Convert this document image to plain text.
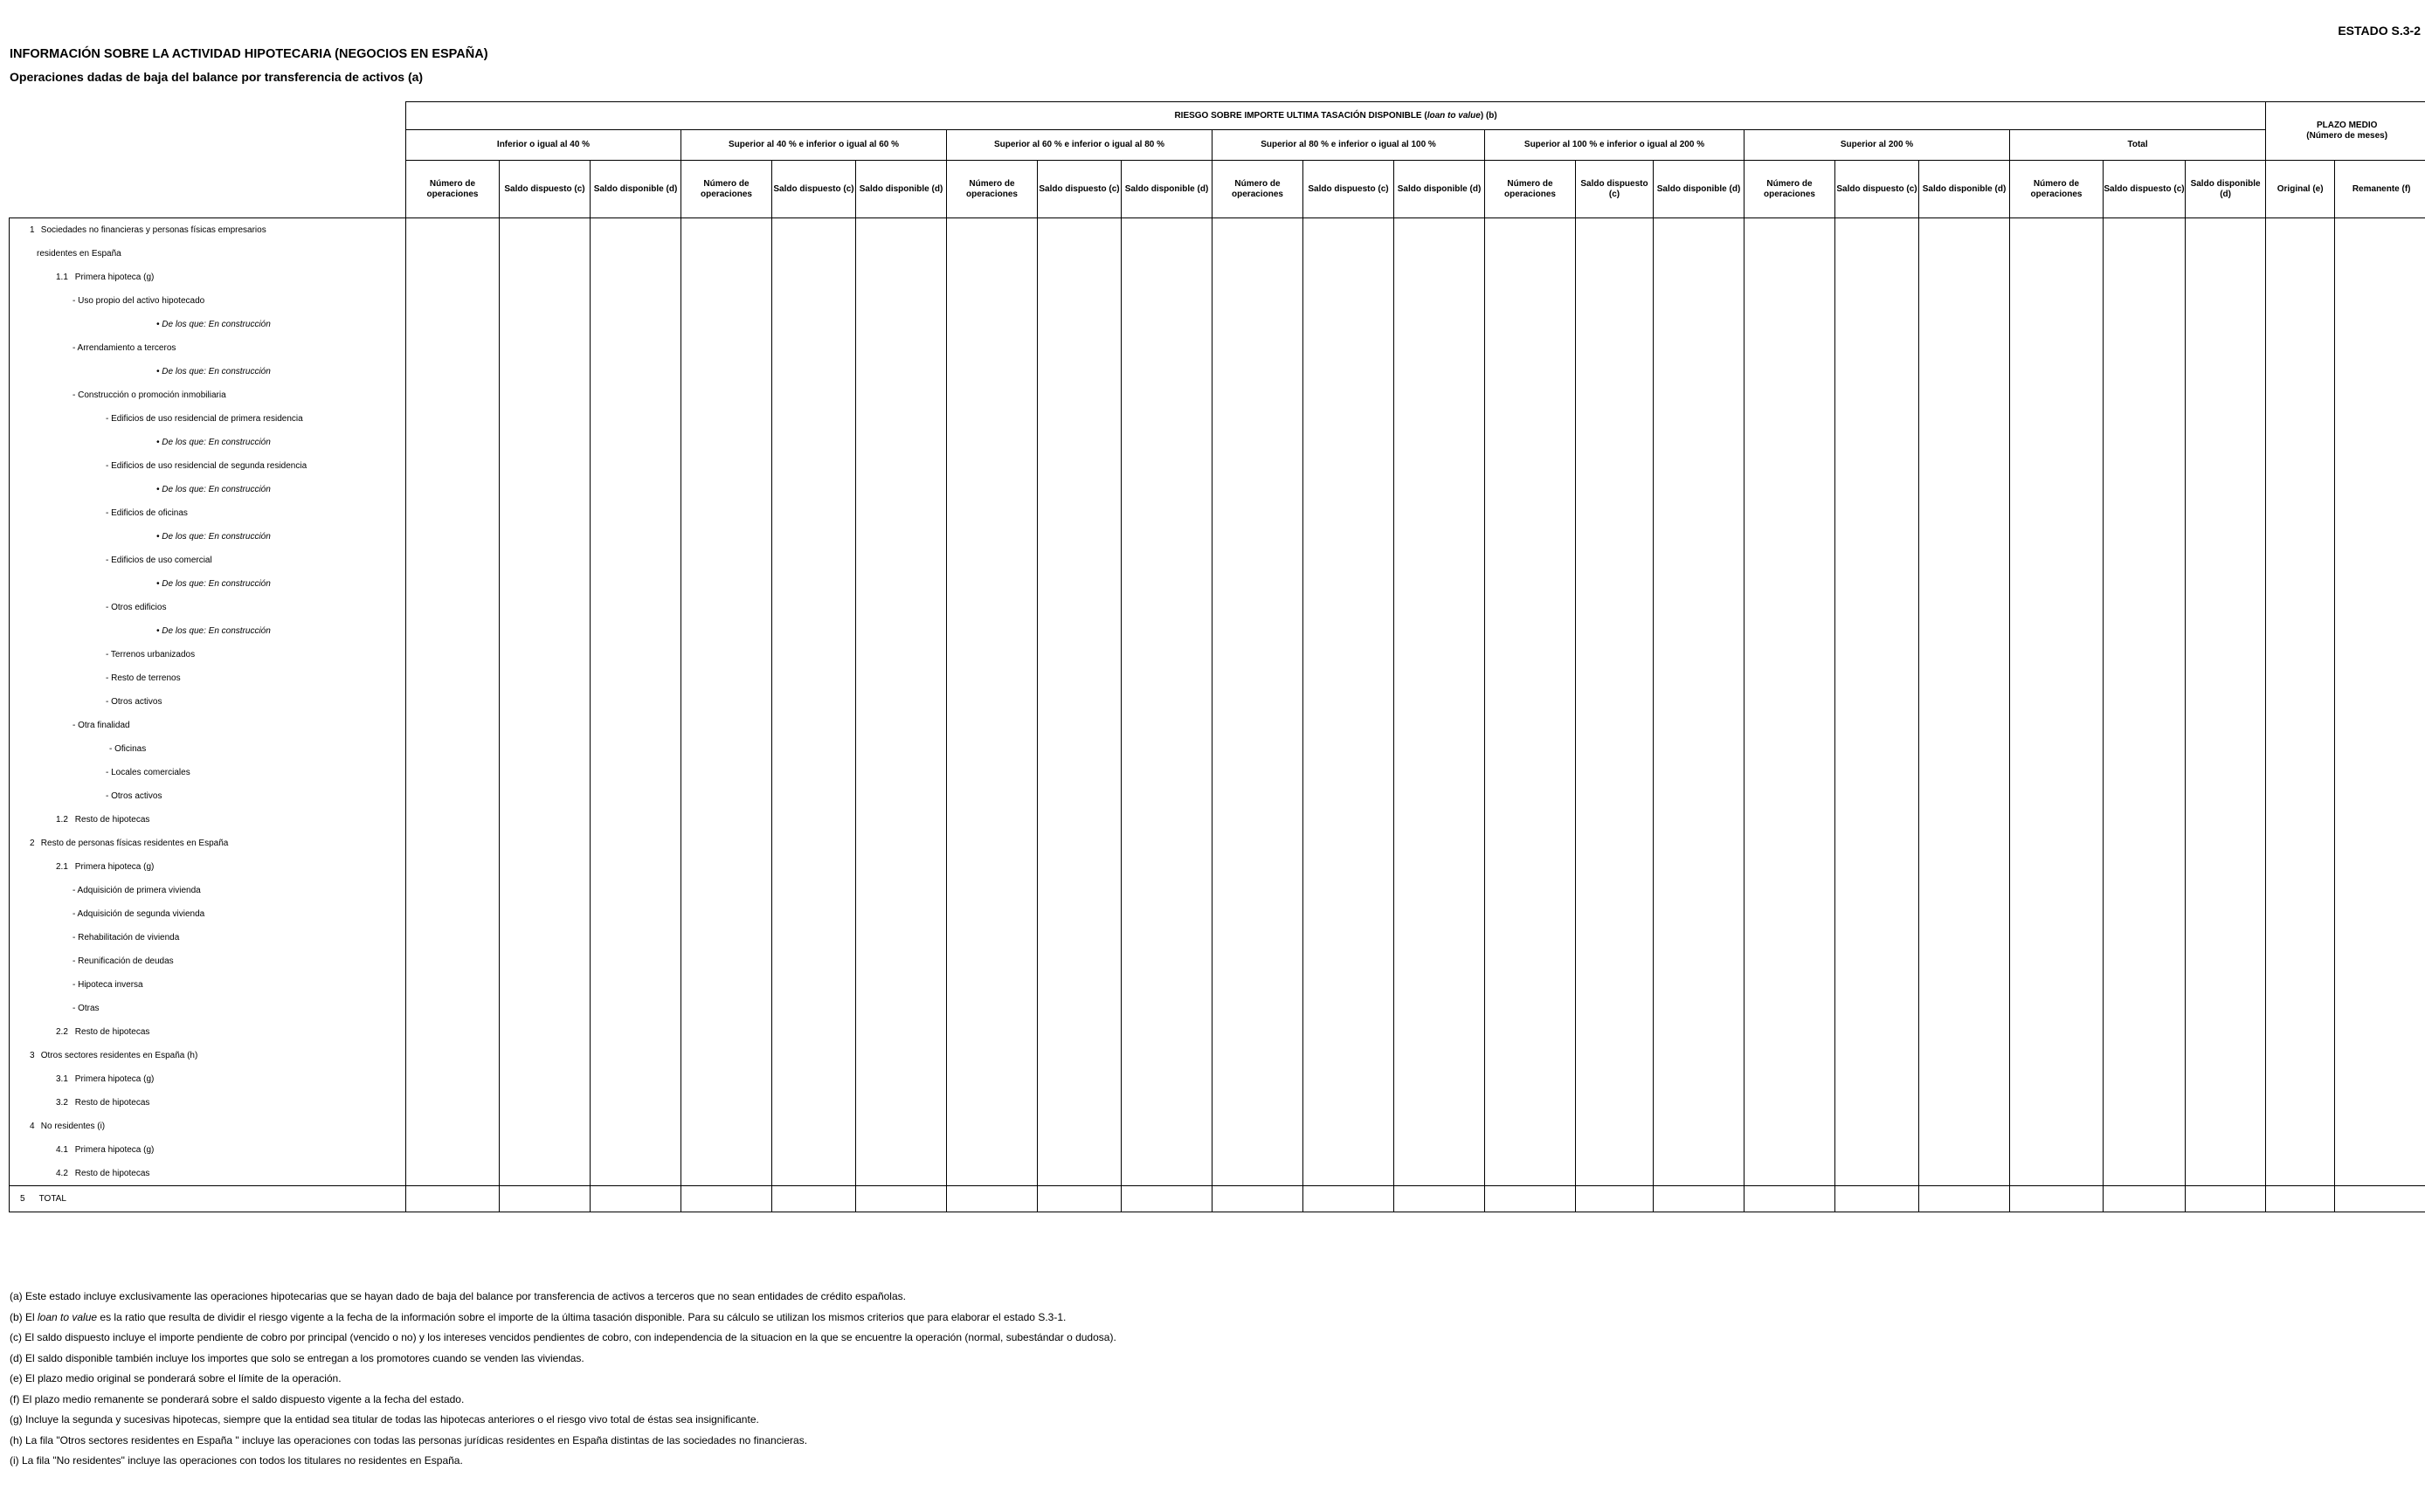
ESTADO S.3-2
INFORMACIÓN SOBRE LA ACTIVIDAD HIPOTECARIA (NEGOCIOS EN ESPAÑA)
Operaciones dadas de baja del balance por transferencia de activos (a)
	RIESGO SOBRE IMPORTE ULTIMA TASACIÓN DISPONIBLE (loan to value) (b)																					PLAZO MEDIO
(Número de meses)	

	Inferior o igual al 40 %			Superior al 40 % e inferior o igual al 60 %			Superior al 60 % e inferior o igual al 80 %			Superior al 80 % e inferior o igual al 100 %			Superior al 100 % e inferior o igual al 200 %			Superior al 200 %			Total				
	Número de operaciones	Saldo dispuesto (c)	Saldo disponible (d)	Número de operaciones	Saldo dispuesto (c)	Saldo disponible (d)	Número de operaciones	Saldo dispuesto (c)	Saldo disponible (d)	Número de operaciones	Saldo dispuesto (c)	Saldo disponible (d)	Número de operaciones	Saldo dispuesto (c)	Saldo disponible (d)	Número de operaciones	Saldo dispuesto (c)	Saldo disponible (d)	Número de operaciones	Saldo dispuesto (c)	Saldo disponible (d)	Original (e)	Remanente (f)
1 Sociedades no financieras y personas físicas empresarios																							
residentes en España																							
1.1 Primera hipoteca (g)																							
- Uso propio del activo hipotecado																							
• De los que: En construcción																							
- Arrendamiento a terceros																							
• De los que: En construcción																							
- Construcción o promoción inmobiliaria																							
- Edificios de uso residencial de primera residencia																							
• De los que: En construcción																							
- Edificios de uso residencial de segunda residencia																							
• De los que: En construcción																							
- Edificios de oficinas																							
• De los que: En construcción																							
- Edificios de uso comercial																							
• De los que: En construcción																							
- Otros edificios																							
• De los que: En construcción																							
- Terrenos urbanizados																							
- Resto de terrenos																							
- Otros activos																							
- Otra finalidad																							
- Oficinas																							
- Locales comerciales																							
- Otros activos																							
1.2 Resto de hipotecas																							
2 Resto de personas físicas residentes en España																							
2.1 Primera hipoteca (g)																							
- Adquisición de primera vivienda																							
- Adquisición de segunda vivienda																							
- Rehabilitación de vivienda																							
- Reunificación de deudas																							
- Hipoteca inversa																							
- Otras																							
2.2 Resto de hipotecas																							
3 Otros sectores residentes en España (h)																							
3.1 Primera hipoteca (g)																							
3.2 Resto de hipotecas																							
4 No residentes (i)																							
4.1 Primera hipoteca (g)																							
4.2 Resto de hipotecas																							
5 TOTAL																							
(a) Este estado incluye exclusivamente las operaciones hipotecarias que se hayan dado de baja del balance por transferencia de activos a terceros que no sean entidades de crédito españolas.
(b) El loan to value es la ratio que resulta de dividir el riesgo vigente a la fecha de la información sobre el importe de la última tasación disponible. Para su cálculo se utilizan los mismos criterios que para elaborar el estado S.3-1.
(c) El saldo dispuesto incluye el importe pendiente de cobro por principal (vencido o no) y los intereses vencidos pendientes de cobro, con independencia de la situacion en la que se encuentre la operación (normal, subestándar o dudosa).
(d) El saldo disponible también incluye los importes que solo se entregan a los promotores cuando se venden las viviendas.
(e) El plazo medio original se ponderará sobre el límite de la operación.
(f) El plazo medio remanente se ponderará sobre el saldo dispuesto vigente a la fecha del estado.
(g) Incluye la segunda y sucesivas hipotecas, siempre que la entidad sea titular de todas las hipotecas anteriores o el riesgo vivo total de éstas sea insignificante.
(h) La fila "Otros sectores residentes en España " incluye las operaciones con todas las personas jurídicas residentes en España distintas de las sociedades no financieras.
(i) La fila "No residentes" incluye las operaciones con todos los titulares no residentes en España.
